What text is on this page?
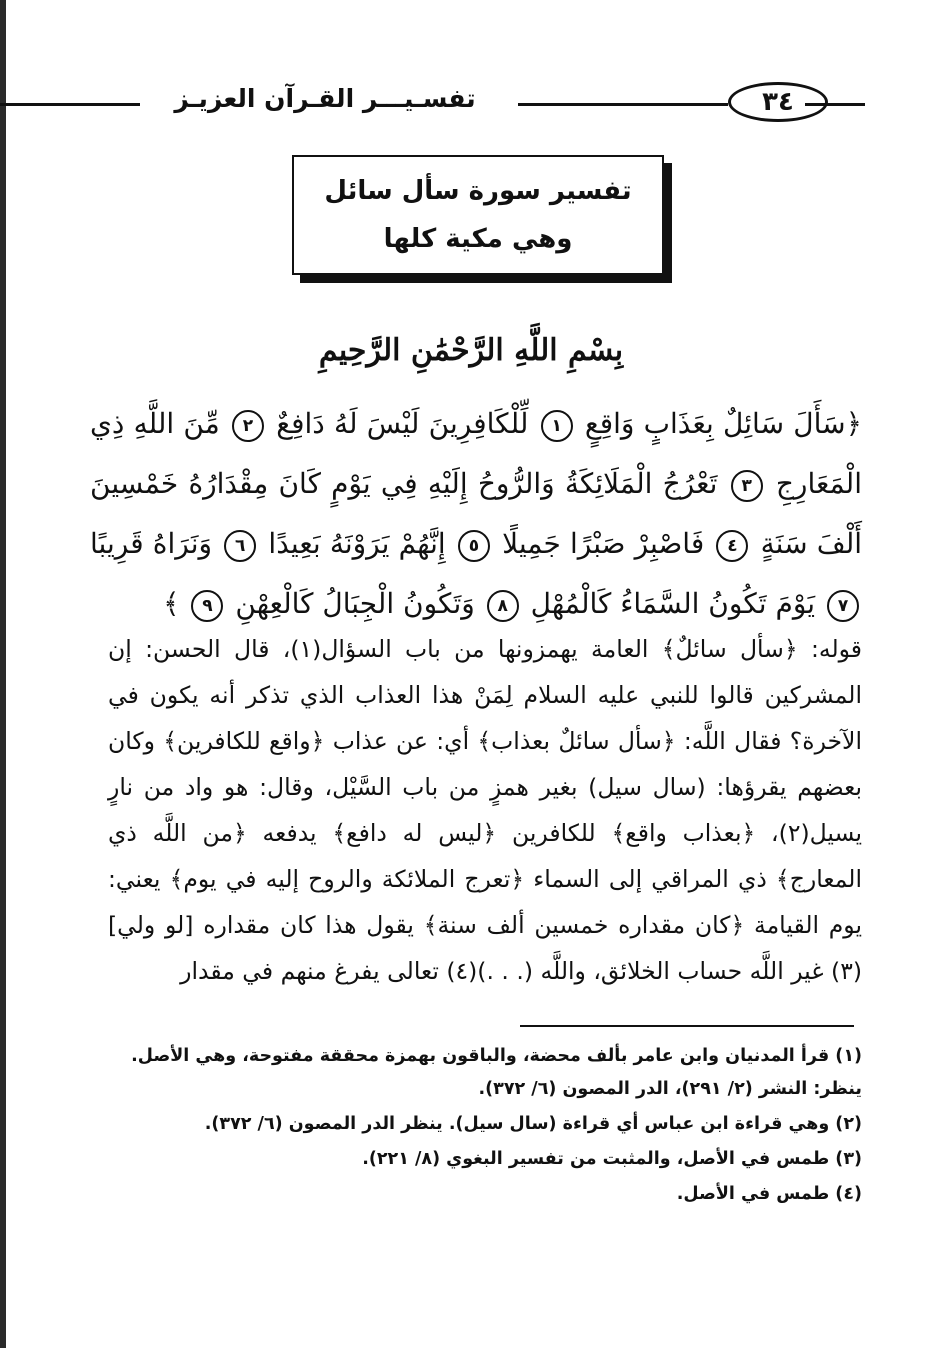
تفسـيـــر القـرآن العزيـز	٣٤
تفسير سورة سأل سائل
وهي مكية كلها
بِسْمِ اللَّهِ الرَّحْمَٰنِ الرَّحِيمِ
﴿سَأَلَ سَائِلٌ بِعَذَابٍ وَاقِعٍ ١ لِّلْكَافِرِينَ لَيْسَ لَهُ دَافِعٌ ٢ مِّنَ اللَّهِ ذِي الْمَعَارِجِ ٣ تَعْرُجُ الْمَلَائِكَةُ وَالرُّوحُ إِلَيْهِ فِي يَوْمٍ كَانَ مِقْدَارُهُ خَمْسِينَ أَلْفَ سَنَةٍ ٤ فَاصْبِرْ صَبْرًا جَمِيلًا ٥ إِنَّهُمْ يَرَوْنَهُ بَعِيدًا ٦ وَنَرَاهُ قَرِيبًا ٧ يَوْمَ تَكُونُ السَّمَاءُ كَالْمُهْلِ ٨ وَتَكُونُ الْجِبَالُ كَالْعِهْنِ ٩ ﴾

قوله: ﴿سأل سائلٌ﴾ العامة يهمزونها من باب السؤال(١)، قال الحسن: إن المشركين قالوا للنبي عليه السلام لِمَنْ هذا العذاب الذي تذكر أنه يكون في الآخرة؟ فقال اللَّه: ﴿سأل سائلٌ بعذاب﴾ أي: عن عذاب ﴿واقع للكافرين﴾ وكان بعضهم يقرؤها: (سال سيل) بغير همزٍ من باب السَّيْل، وقال: هو واد من نارٍ يسيل(٢)، ﴿بعذاب واقع﴾ للكافرين ﴿ليس له دافع﴾ يدفعه ﴿من اللَّه ذي المعارج﴾ ذي المراقي إلى السماء ﴿تعرج الملائكة والروح إليه في يوم﴾ يعني: يوم القيامة ﴿كان مقداره خمسين ألف سنة﴾ يقول هذا كان مقداره [لو ولي](٣) غير اللَّه حساب الخلائق، واللَّه (. . .)(٤) تعالى يفرغ منهم في مقدار

(١) قرأ المدنيان وابن عامر بألف محضة، والباقون بهمزة محققة مفتوحة، وهي الأصل. ينظر: النشر (٢/ ٢٩١)، الدر المصون (٦/ ٣٧٢).

(٢) وهي قراءة ابن عباس أي قراءة (سال سيل). ينظر الدر المصون (٦/ ٣٧٢).

(٣) طمس في الأصل، والمثبت من تفسير البغوي (٨/ ٢٢١).

(٤) طمس في الأصل.
